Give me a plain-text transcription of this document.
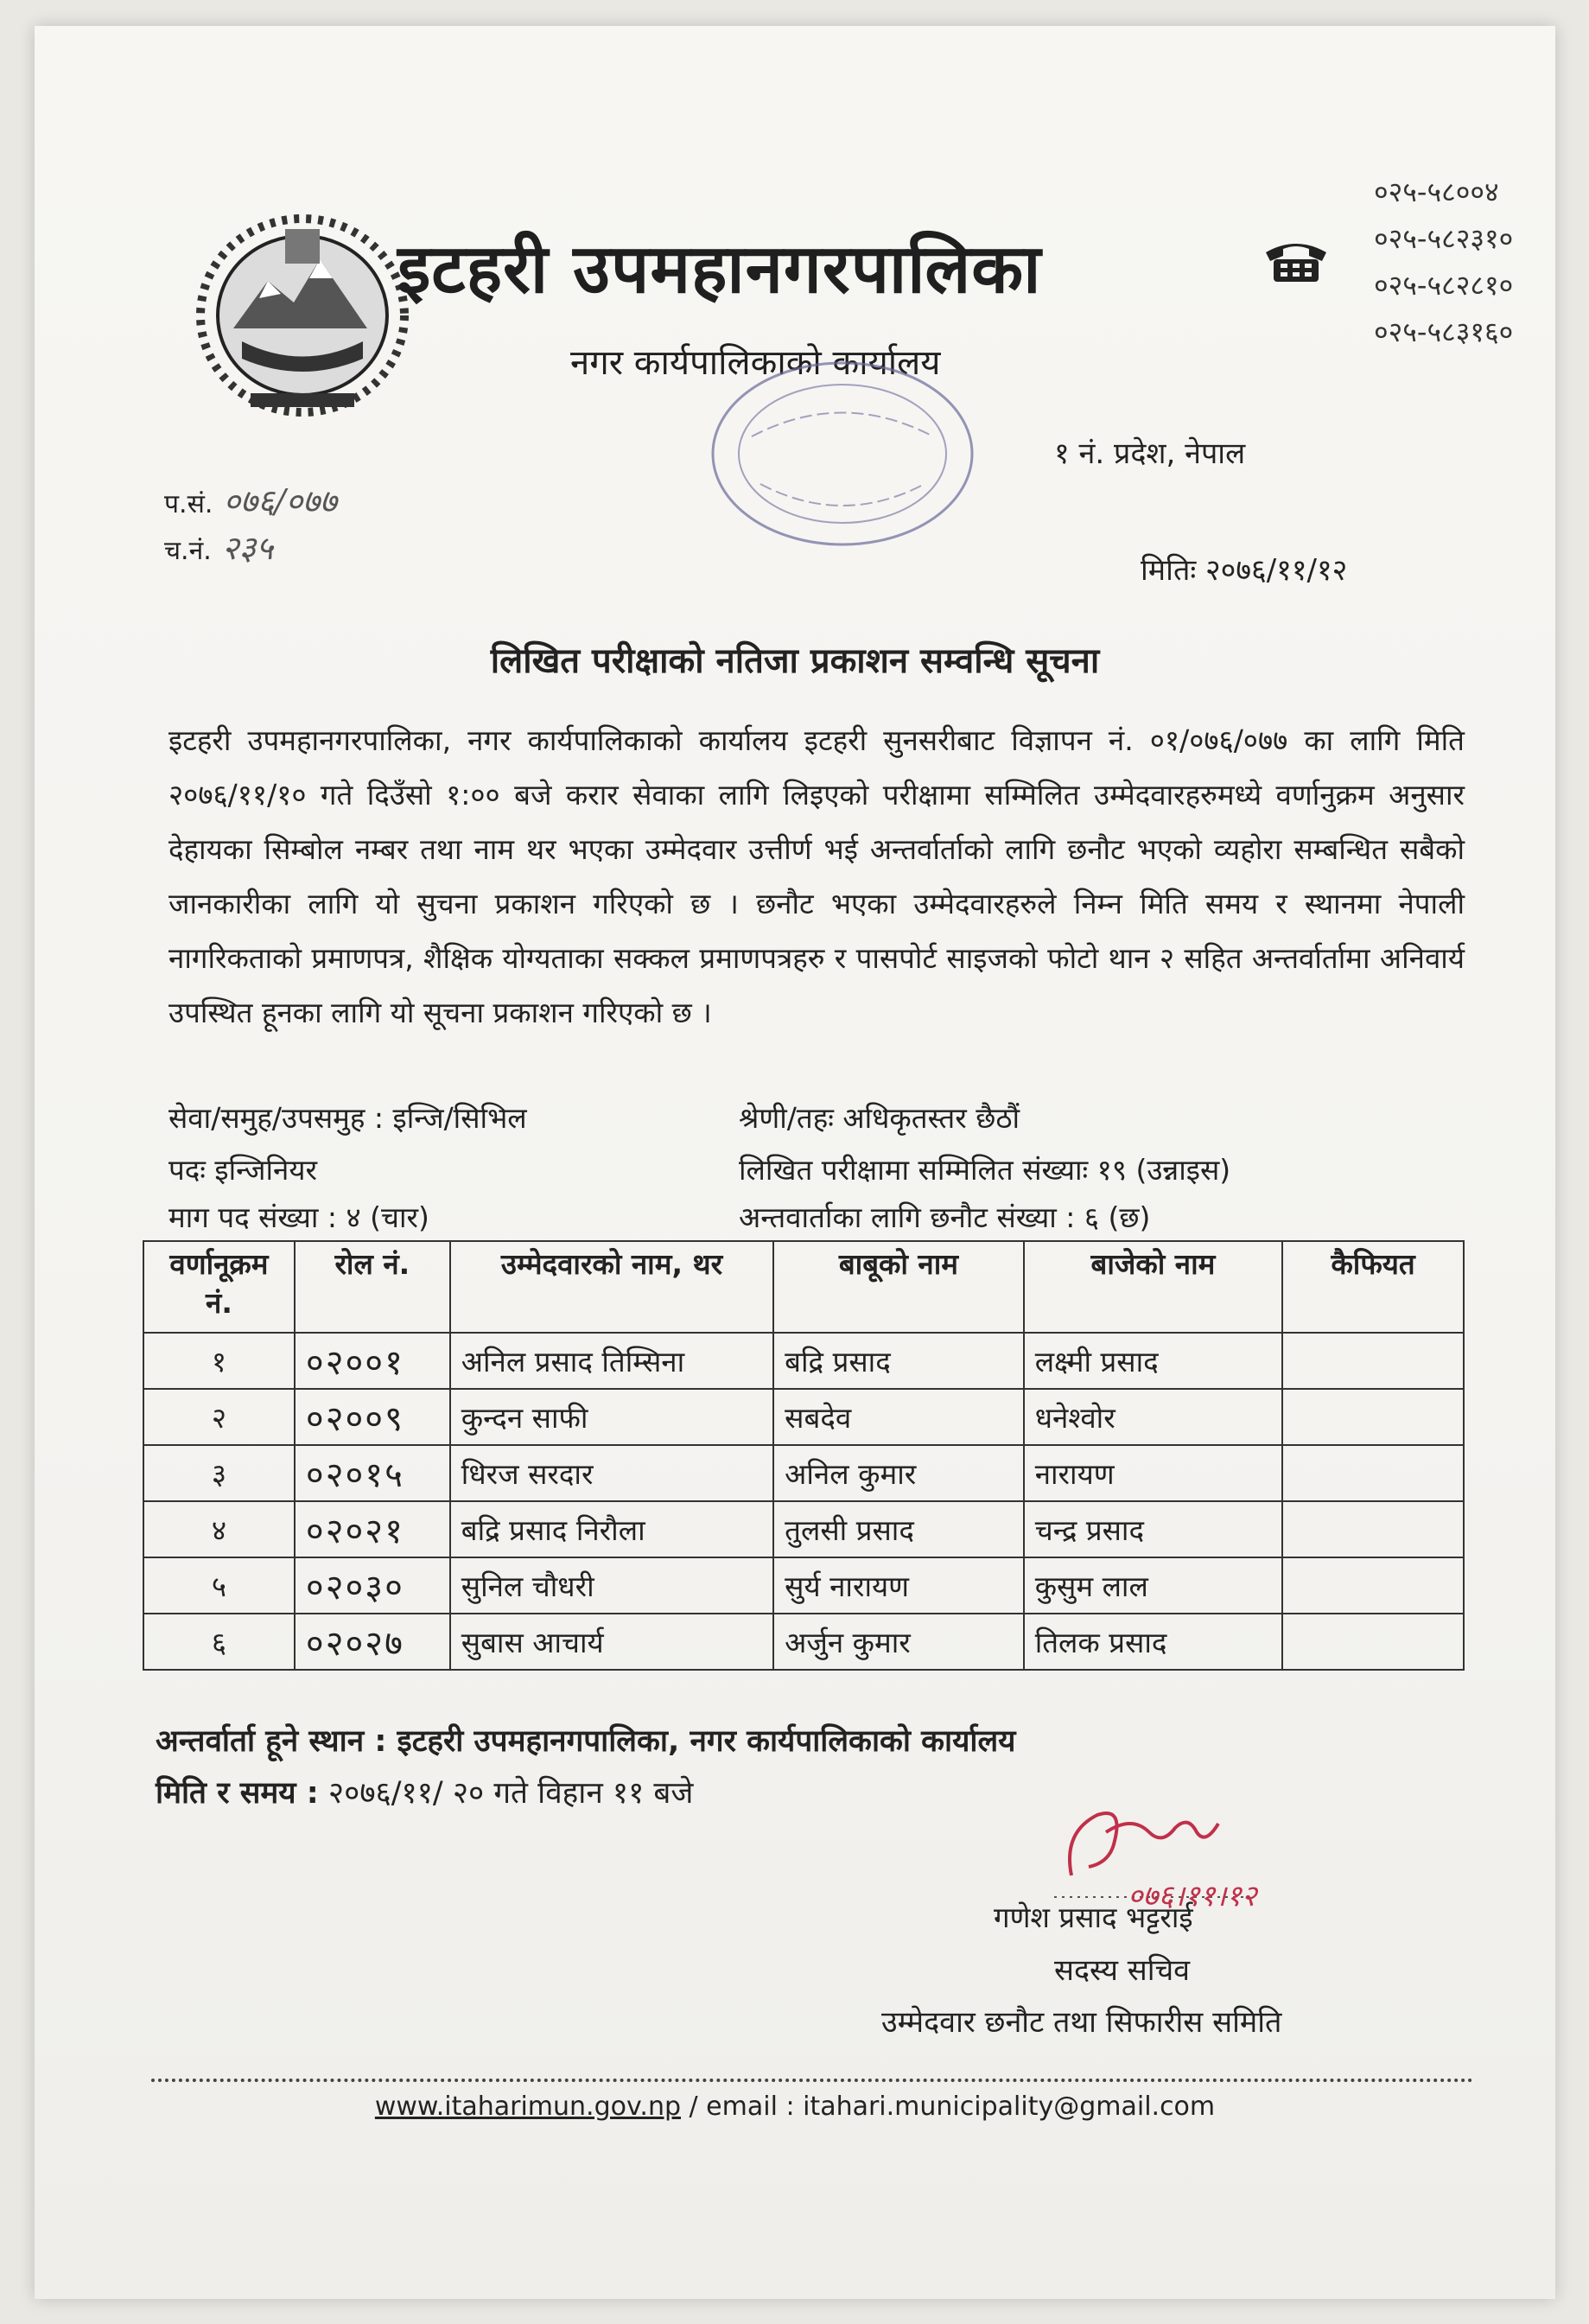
इटहरी उपमहानगरपालिका
नगर कार्यपालिकाको कार्यालय
०२५-५८००४
०२५-५८२३१०
०२५-५८२८१०
०२५-५८३१६०
१ नं. प्रदेश, नेपाल
प.सं. ०७६/०७७
च.नं. २३५
मितिः २०७६/११/१२
लिखित परीक्षाको नतिजा प्रकाशन सम्वन्धि सूचना
इटहरी उपमहानगरपालिका, नगर कार्यपालिकाको कार्यालय इटहरी सुनसरीबाट विज्ञापन नं. ०१/०७६/०७७ का लागि मिति २०७६/११/१० गते दिउँसो १:०० बजे करार सेवाका लागि लिइएको परीक्षामा सम्मिलित उम्मेदवारहरुमध्ये वर्णानुक्रम अनुसार देहायका सिम्बोल नम्बर तथा नाम थर भएका उम्मेदवार उत्तीर्ण भई अन्तर्वार्ताको लागि छनौट भएको व्यहोरा सम्बन्धित सबैको जानकारीका लागि यो सुचना प्रकाशन गरिएको छ । छनौट भएका उम्मेदवारहरुले निम्न मिति समय र स्थानमा नेपाली नागरिकताको प्रमाणपत्र, शैक्षिक योग्यताका सक्कल प्रमाणपत्रहरु र पासपोर्ट साइजको फोटो थान २ सहित अन्तर्वार्तामा अनिवार्य उपस्थित हूनका लागि यो सूचना प्रकाशन गरिएको छ ।
सेवा/समुह/उपसमुह : इन्जि/सिभिल	श्रेणी/तहः अधिकृतस्तर छैठौं
पदः इन्जिनियर	लिखित परीक्षामा सम्मिलित संख्याः १९ (उन्नाइस)
माग पद संख्या : ४ (चार)	अन्तवार्ताका लागि छनौट संख्या : ६ (छ)
वर्णानूक्रम नं.	रोल नं.	उम्मेदवारको नाम, थर	बाबूको नाम	बाजेको नाम	कैफियत
१	०२००१	अनिल प्रसाद तिम्सिना	बद्रि प्रसाद	लक्ष्मी प्रसाद	
२	०२००९	कुन्दन साफी	सबदेव	धनेश्वोर	
३	०२०१५	धिरज सरदार	अनिल कुमार	नारायण	
४	०२०२१	बद्रि प्रसाद निरौला	तुलसी प्रसाद	चन्द्र प्रसाद	
५	०२०३०	सुनिल चौधरी	सुर्य नारायण	कुसुम लाल	
६	०२०२७	सुबास आचार्य	अर्जुन कुमार	तिलक प्रसाद	
अन्तर्वार्ता हूने स्थान : इटहरी उपमहानगपालिका, नगर कार्यपालिकाको कार्यालय
मिति र समय : २०७६/११/ २० गते विहान ११ बजे
०७६।११।१२
गणेश प्रसाद भट्टराई
सदस्य सचिव
उम्मेदवार छनौट तथा सिफारीस समिति
www.itaharimun.gov.np / email : itahari.municipality@gmail.com
